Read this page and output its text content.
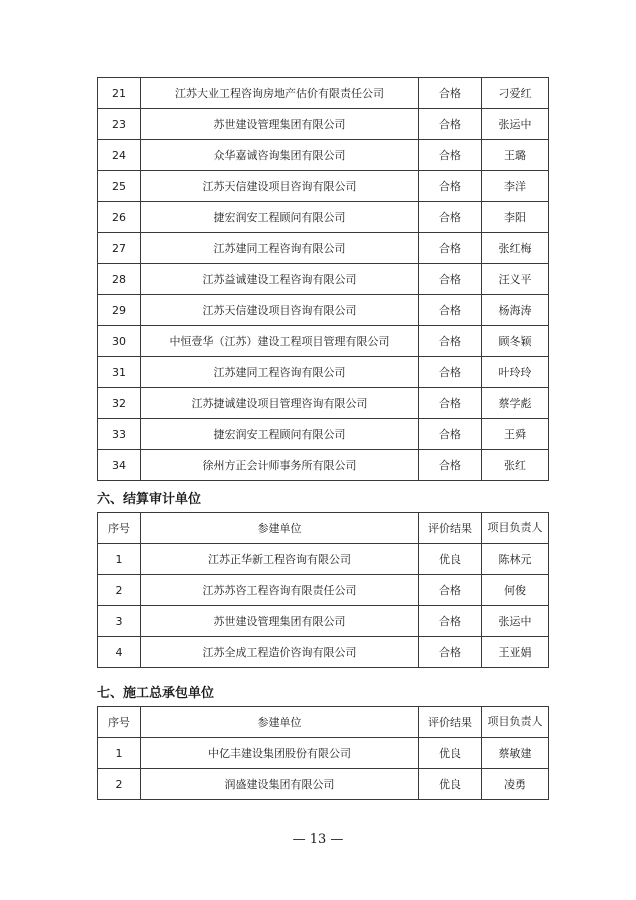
21	江苏大业工程咨询房地产估价有限责任公司	合格	刁爱红
23	苏世建设管理集团有限公司	合格	张运中
24	众华嘉诚咨询集团有限公司	合格	王璐
25	江苏天信建设项目咨询有限公司	合格	李洋
26	捷宏润安工程顾问有限公司	合格	李阳
27	江苏建同工程咨询有限公司	合格	张红梅
28	江苏益诚建设工程咨询有限公司	合格	汪义平
29	江苏天信建设项目咨询有限公司	合格	杨海涛
30	中恒壹华（江苏）建设工程项目管理有限公司	合格	顾冬颖
31	江苏建同工程咨询有限公司	合格	叶玲玲
32	江苏捷诚建设项目管理咨询有限公司	合格	蔡学彪
33	捷宏润安工程顾问有限公司	合格	王舜
34	徐州方正会计师事务所有限公司	合格	张红
六、结算审计单位
序号	参建单位	评价结果	项目负责人
1	江苏正华新工程咨询有限公司	优良	陈林元
2	江苏苏咨工程咨询有限责任公司	合格	何俊
3	苏世建设管理集团有限公司	合格	张运中
4	江苏全成工程造价咨询有限公司	合格	王亚娟
七、施工总承包单位
序号	参建单位	评价结果	项目负责人
1	中亿丰建设集团股份有限公司	优良	蔡敏建
2	润盛建设集团有限公司	优良	凌勇
— 13 —
